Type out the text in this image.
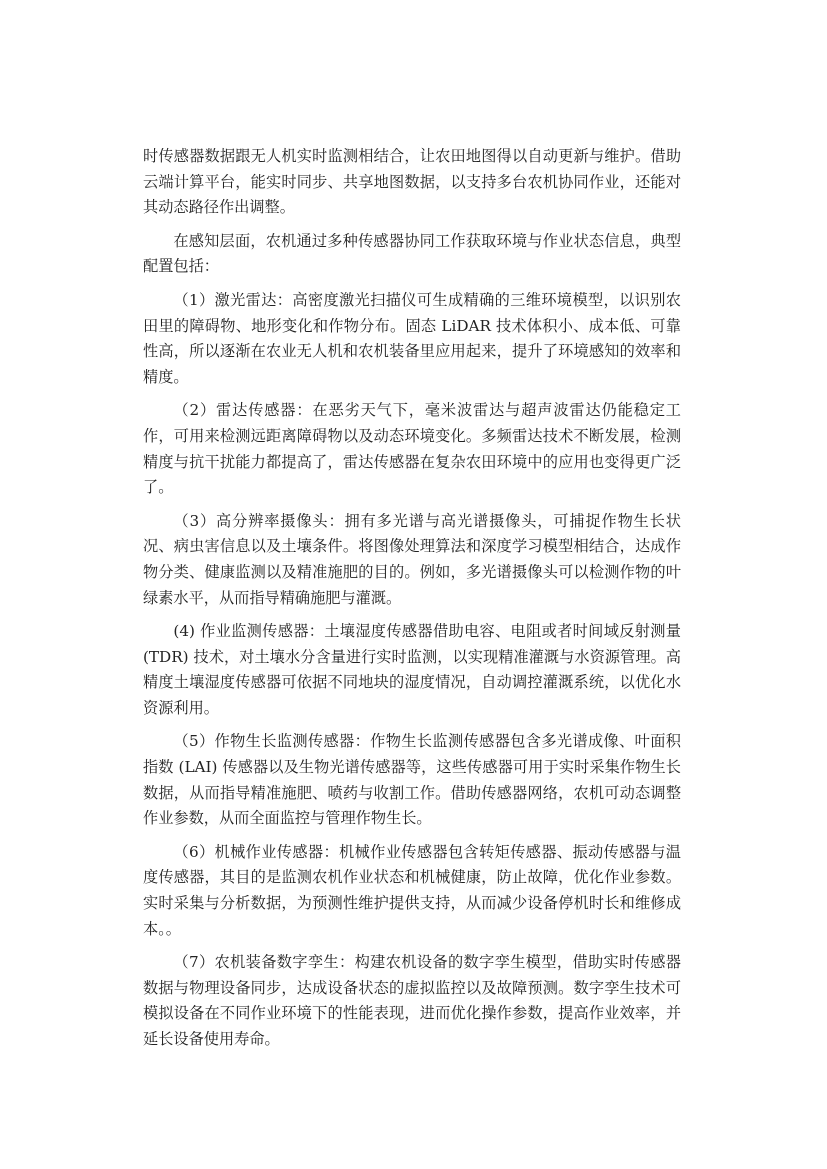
时传感器数据跟无人机实时监测相结合，让农田地图得以自动更新与维护。借助云端计算平台，能实时同步、共享地图数据，以支持多台农机协同作业，还能对其动态路径作出调整。

在感知层面，农机通过多种传感器协同工作获取环境与作业状态信息，典型配置包括：

（1）激光雷达：高密度激光扫描仪可生成精确的三维环境模型，以识别农田里的障碍物、地形变化和作物分布。固态 LiDAR 技术体积小、成本低、可靠性高，所以逐渐在农业无人机和农机装备里应用起来，提升了环境感知的效率和精度。

（2）雷达传感器：在恶劣天气下，毫米波雷达与超声波雷达仍能稳定工作，可用来检测远距离障碍物以及动态环境变化。多频雷达技术不断发展，检测精度与抗干扰能力都提高了，雷达传感器在复杂农田环境中的应用也变得更广泛了。

（3）高分辨率摄像头：拥有多光谱与高光谱摄像头，可捕捉作物生长状况、病虫害信息以及土壤条件。将图像处理算法和深度学习模型相结合，达成作物分类、健康监测以及精准施肥的目的。例如，多光谱摄像头可以检测作物的叶绿素水平，从而指导精确施肥与灌溉。

(4) 作业监测传感器：土壤湿度传感器借助电容、电阻或者时间域反射测量 (TDR) 技术，对土壤水分含量进行实时监测，以实现精准灌溉与水资源管理。高精度土壤湿度传感器可依据不同地块的湿度情况，自动调控灌溉系统，以优化水资源利用。

（5）作物生长监测传感器：作物生长监测传感器包含多光谱成像、叶面积指数 (LAI) 传感器以及生物光谱传感器等，这些传感器可用于实时采集作物生长数据，从而指导精准施肥、喷药与收割工作。借助传感器网络，农机可动态调整作业参数，从而全面监控与管理作物生长。

（6）机械作业传感器：机械作业传感器包含转矩传感器、振动传感器与温度传感器，其目的是监测农机作业状态和机械健康，防止故障，优化作业参数。实时采集与分析数据，为预测性维护提供支持，从而减少设备停机时长和维修成本。。

（7）农机装备数字孪生：构建农机设备的数字孪生模型，借助实时传感器数据与物理设备同步，达成设备状态的虚拟监控以及故障预测。数字孪生技术可模拟设备在不同作业环境下的性能表现，进而优化操作参数，提高作业效率，并延长设备使用寿命。
